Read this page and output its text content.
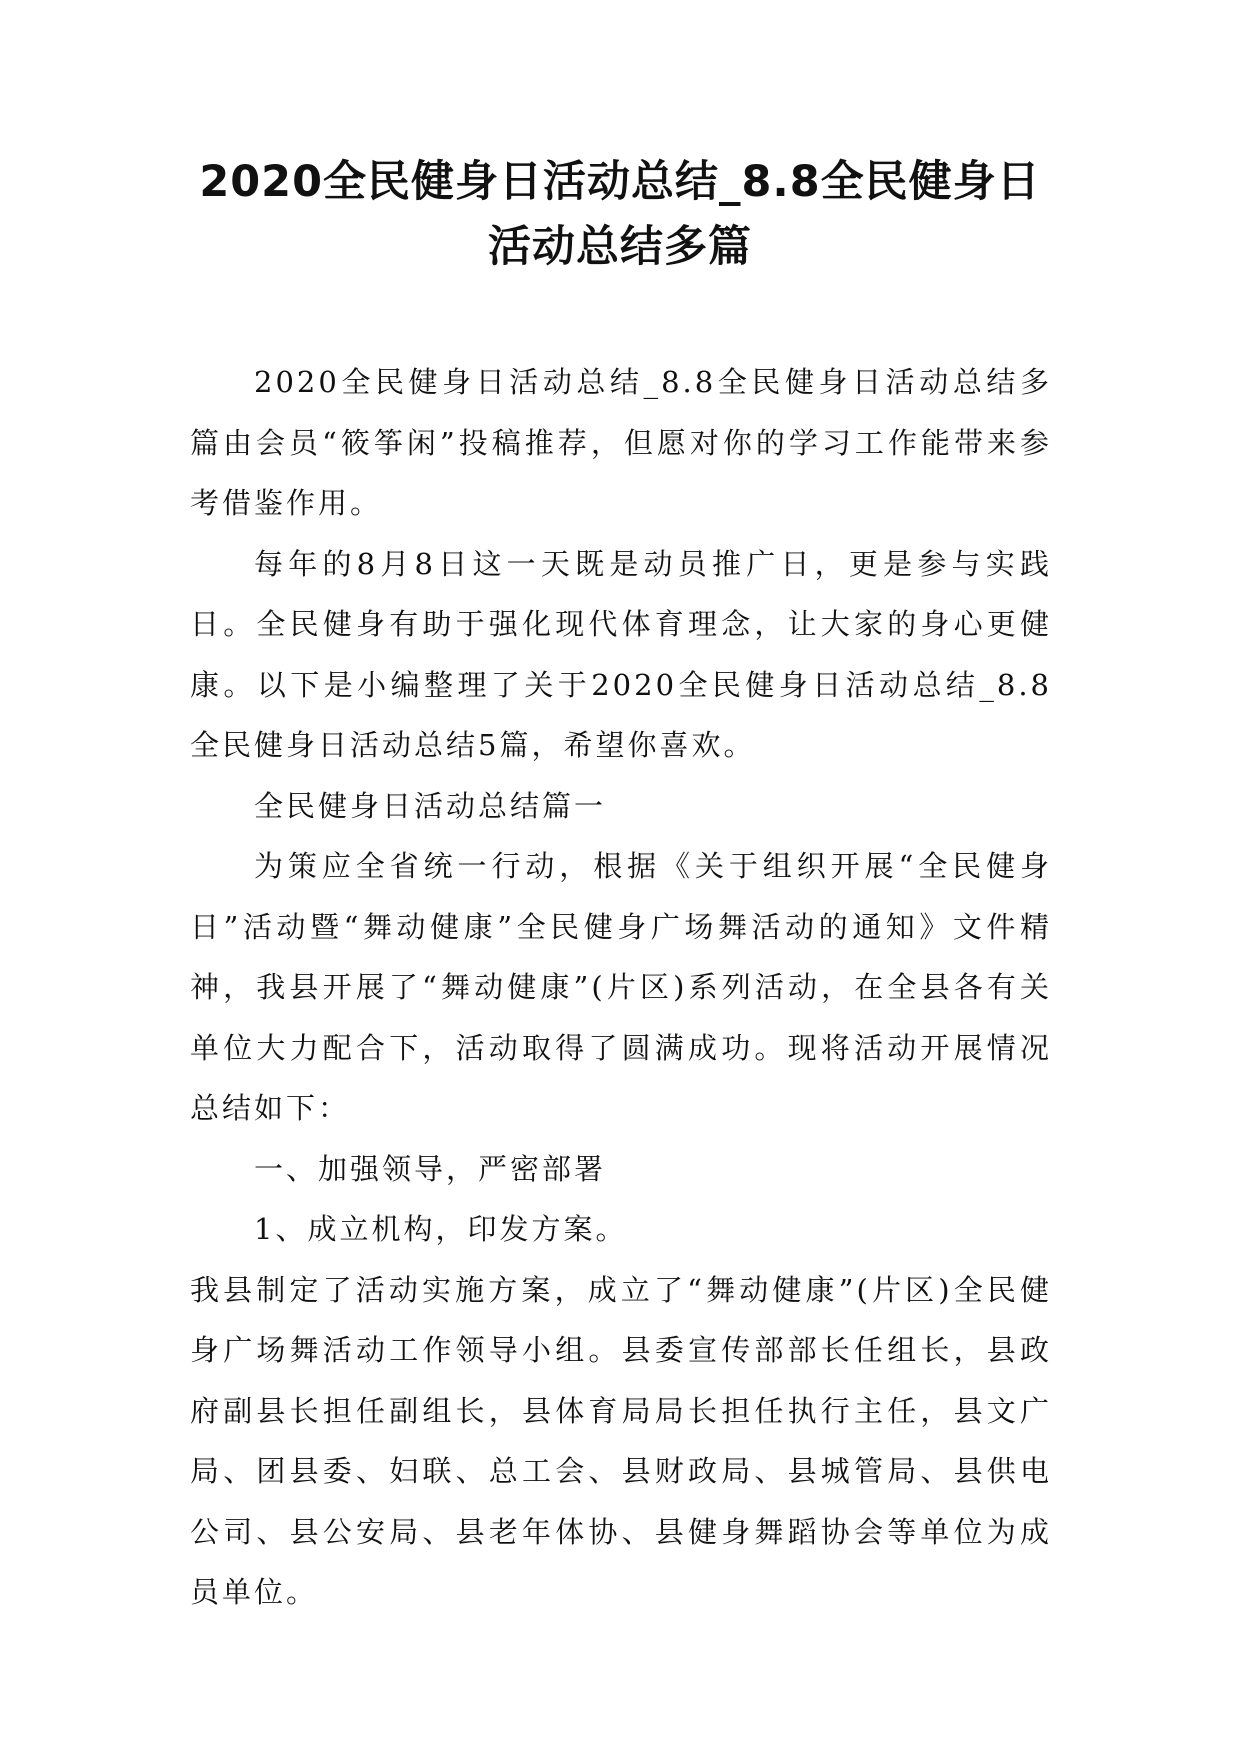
2020全民健身日活动总结_8.8全民健身日活动总结多篇

2020全民健身日活动总结_8.8全民健身日活动总结多篇由会员“筱筝闲”投稿推荐，但愿对你的学习工作能带来参考借鉴作用。

每年的8月8日这一天既是动员推广日，更是参与实践日。全民健身有助于强化现代体育理念，让大家的身心更健康。以下是小编整理了关于2020全民健身日活动总结_8.8全民健身日活动总结5篇，希望你喜欢。

全民健身日活动总结篇一

为策应全省统一行动，根据《关于组织开展“全民健身日”活动暨“舞动健康”全民健身广场舞活动的通知》文件精神，我县开展了“舞动健康”(片区)系列活动，在全县各有关单位大力配合下，活动取得了圆满成功。现将活动开展情况总结如下：

一、加强领导，严密部署

1、成立机构，印发方案。

我县制定了活动实施方案，成立了“舞动健康”(片区)全民健身广场舞活动工作领导小组。县委宣传部部长任组长，县政府副县长担任副组长，县体育局局长担任执行主任，县文广局、团县委、妇联、总工会、县财政局、县城管局、县供电公司、县公安局、县老年体协、县健身舞蹈协会等单位为成员单位。
